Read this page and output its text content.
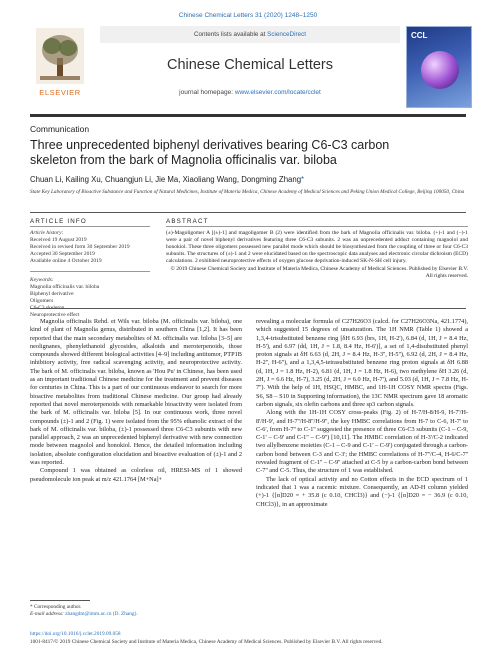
Chinese Chemical Letters 31 (2020) 1248–1250
ELSEVIER
Contents lists available at ScienceDirect
Chinese Chemical Letters
journal homepage: www.elsevier.com/locate/cclet
CCL
Communication
Three unprecedented biphenyl derivatives bearing C6-C3 carbon skeleton from the bark of Magnolia officinalis var. biloba
Chuan Li, Kailing Xu, Chuangjun Li, Jie Ma, Xiaoliang Wang, Dongming Zhang*
State Key Laboratory of Bioactive Substance and Function of Natural Medicines, Institute of Materia Medica, Chinese Academy of Medical Sciences and Peking Union Medical College, Beijing 100050, China
ARTICLE INFO	ABSTRACT
Article history:
Received 19 August 2019
Received in revised form 30 September 2019
Accepted 30 September 2019
Available online 4 October 2019
Keywords:
Magnolia officinalis var. biloba
Biphenyl derivative
Oligomers
Neuroprotective effect

(±)-Magoligomer A [(±)-1] and magoligomer B (2) were identified from the bark of Magnolia officinalis var. biloba. (+)-1 and (−)-1 were a pair of novel biphenyl derivatives featuring three C6-C3 subunits. 2 was an unprecedented adduct containing magnolol and honokiol. These three oligomers possessed new parallel mode which should be biosynthesized from the coupling of three or four C6-C3 subunits. The structures of (±)-1 and 2 were elucidated based on the spectroscopic data analyses and electronic circular dichroism (ECD) calculations. 2 exhibited neuroprotective effects of oxygen glucose deprivation-induced SK-N-SH cell injury.

© 2019 Chinese Chemical Society and Institute of Materia Medica, Chinese Academy of Medical Sciences. Published by Elsevier B.V. All rights reserved.

Magnolia officinalis Rehd. et Wils var. biloba (M. officinalis var. biloba), one kind of plant of Magnolia genus, distributed in southern China [1,2]. It has been reported that the main secondary metabolites of M. officinalis var. biloba [3–5] are neolignanes, phenylethanoid glycosides, alkaloids and meroterpenoids, those compounds showed different biological activities [4–9] including antitumor, PTP1B inhibitory activity, free radical scavenging activity, and neuroprotective activity. The bark of M. officinalis var. biloba, known as 'Hou Pu' in Chinese, has been used as an important traditional Chinese medicine for the treatment and prevent diseases for centuries in China. This is a part of our continuous endeavor to search for more bioactive metabolites from traditional Chinese medicine. Our group had already reported that novel meroterpenoids with remarkable bioactivity were isolated from the bark of M. officinalis var. biloba [5]. In our continuous work, three novel compounds (±)-1 and 2 (Fig. 1) were isolated from the 95% ethanolic extract of the bark of M. officinalis var. biloba, (±)-1 possessed three C6-C3 subunits with new parallel approach, 2 was an unprecedented biphenyl derivative with new connection mode between magnolol and honokiol. Hence, the detailed information including isolation, absolute configuration elucidation and bioactive evaluation of (±)-1 and 2 was reported.

Compound 1 was obtained as colorless oil, HRESI-MS of 1 showed pseudomolecule ion peak at m/z 421.1764 [M+Na]+

revealing a molecular formula of C27H26O3 (calcd. for C27H26O3Na, 421.1774), which suggested 15 degrees of unsaturation. The 1H NMR (Table 1) showed a 1,3,4-trisubstituted benzene ring [δH 6.93 (brs, 1H, H-2'), 6.84 (d, 1H, J = 8.4 Hz, H-5'), and 6.97 (dd, 1H, J = 1.8, 8.4 Hz, H-6')], a set of 1,4-disubstituted phenyl proton signals at δH 6.63 (d, 2H, J = 8.4 Hz, H-3'', H-5''), 6.92 (d, 2H, J = 8.4 Hz, H-2'', H-6''), and a 1,3,4,5-tetrasubstituted benzene ring proton signals at δH 6.88 (d, 1H, J = 1.8 Hz, H-2), 6.81 (d, 1H, J = 1.8 Hz, H-6), two methylene δH 3.26 (d, 2H, J = 6.6 Hz, H-7), 3.25 (d, 2H, J = 6.0 Hz, H-7'), and 5.03 (d, 1H, J = 7.8 Hz, H-7''). With the help of 1H, HSQC, HMBC, and 1H-1H COSY NMR spectra (Figs. S6, S8 – S10 in Supporting information), the 13C NMR spectrum gave 18 aromatic carbon signals, six olefin carbons and three sp3 carbon signals.

Along with the 1H-1H COSY cross-peaks (Fig. 2) of H-7/H-8/H-9, H-7'/H-8'/H-9', and H-7''/H-8''/H-9'', the key HMBC correlations from H-7 to C-6, H-7' to C-6', from H-7'' to C-1'' suggested the presence of three C6-C3 subunits (C-1 – C-9, C-1' – C-9' and C-1'' – C-9'') [10,11]. The HMBC correlation of H-3'/C-2 indicated two allylbenzene moieties (C-1 – C-9 and C-1' – C-9') conjugated through a carbon-carbon bond between C-3 and C-3'; the HMBC correlations of H-7''/C-4, H-6/C-7'' revealed fragment of C-1'' – C-9'' attached at C-5 by a carbon-carbon bond between C-7'' and C-5. Thus, the structure of 1 was established.

The lack of optical activity and no Cotton effects in the ECD spectrum of 1 indicated that 1 was a racemic mixture. Consequently, an AD-H column yielded (+)-1 {[α]D20 = + 35.8 (c 0.10, CHCl3)} and (−)-1 {[α]D20 = − 36.9 (c 0.10, CHCl3)}, in an approximate

* Corresponding author.
E-mail address: zhangdm@imm.ac.cn (D. Zhang).
https://doi.org/10.1016/j.cclet.2019.09.058
1001-8417/© 2019 Chinese Chemical Society and Institute of Materia Medica, Chinese Academy of Medical Sciences. Published by Elsevier B.V. All rights reserved.
